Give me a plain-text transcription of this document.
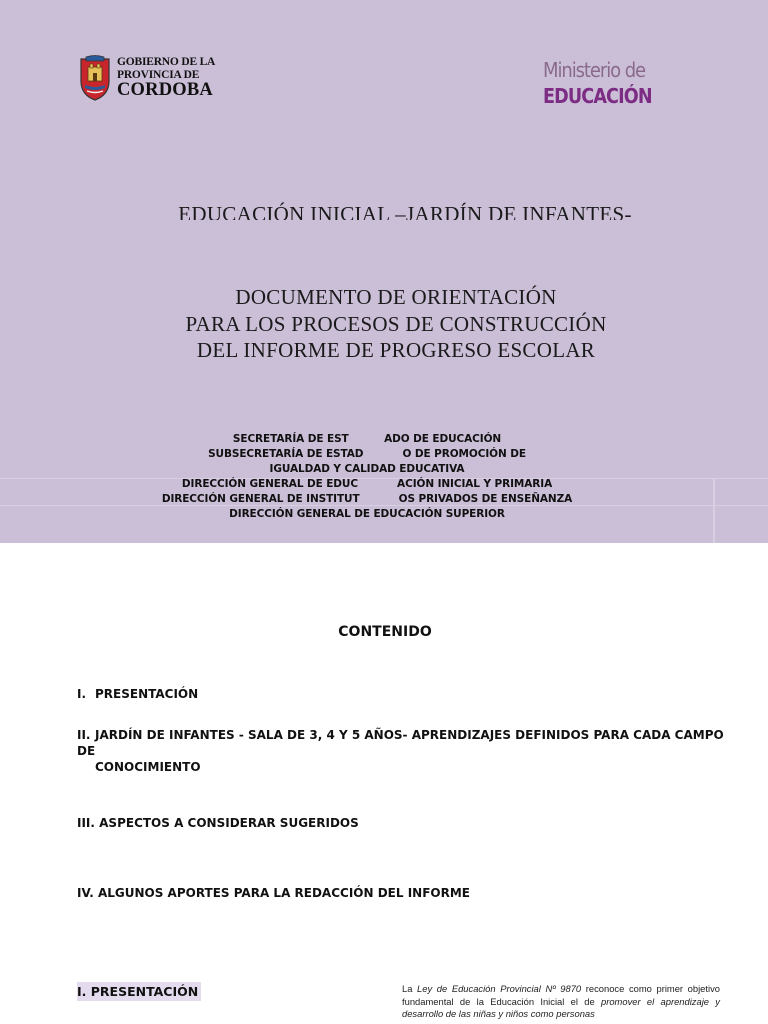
GOBIERNO DE LA
PROVINCIA DE
CORDOBA
Ministerio de
EDUCACIÓN
EDUCACIÓN INICIAL –JARDÍN DE INFANTES-
DOCUMENTO DE ORIENTACIÓN
PARA LOS PROCESOS DE CONSTRUCCIÓN
DEL INFORME DE PROGRESO ESCOLAR
SECRETARÍA DE EST          ADO DE EDUCACIÓN
SUBSECRETARÍA DE ESTAD           O DE PROMOCIÓN DE
IGUALDAD Y CALIDAD EDUCATIVA
DIRECCIÓN GENERAL DE EDUC           ACIÓN INICIAL Y PRIMARIA
DIRECCIÓN GENERAL DE INSTITUT           OS PRIVADOS DE ENSEÑANZA
DIRECCIÓN GENERAL DE EDUCACIÓN SUPERIOR
CONTENIDO
I. PRESENTACIÓN
II. JARDÍN DE INFANTES - SALA DE 3, 4 Y 5 AÑOS- APRENDIZAJES DEFINIDOS PARA CADA CAMPO DE
CONOCIMIENTO
III. ASPECTOS A CONSIDERAR SUGERIDOS
IV. ALGUNOS APORTES PARA LA REDACCIÓN DEL INFORME
I. PRESENTACIÓN	La Ley de Educación Provincial Nº 9870 reconoce como primer objetivo fundamental de la Educación Inicial el de promover el aprendizaje y desarrollo de las niñas y niños como personas
